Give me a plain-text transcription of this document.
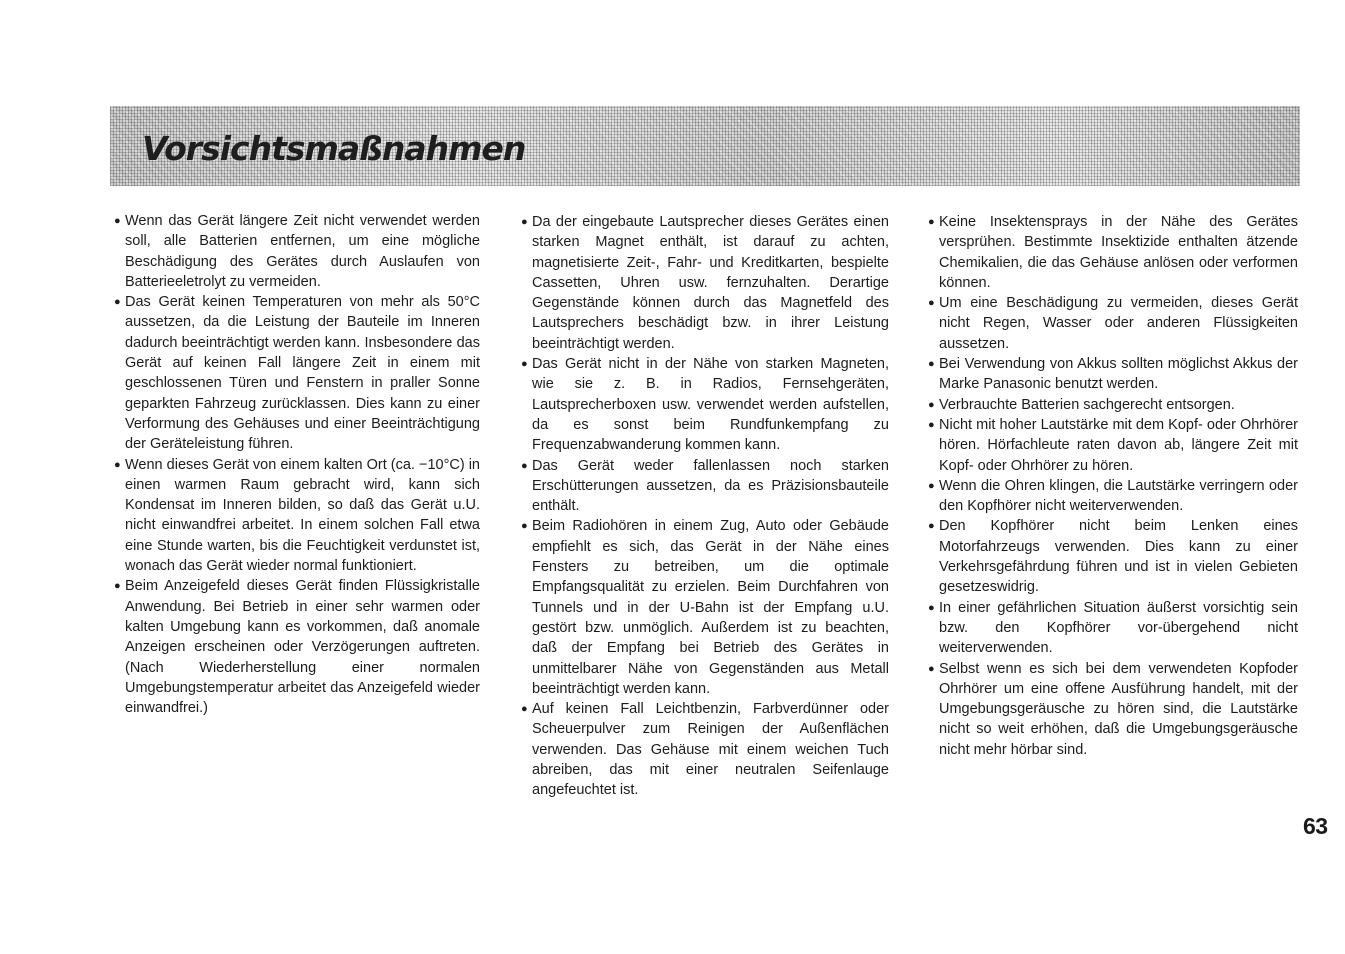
Vorsichtsmaßnahmen
● Wenn das Gerät längere Zeit nicht verwendet werden soll, alle Batterien entfernen, um eine mögliche Beschädigung des Gerätes durch Auslaufen von Batterieeletrolyt zu vermeiden.
● Das Gerät keinen Temperaturen von mehr als 50°C aussetzen, da die Leistung der Bauteile im Inneren dadurch beeinträchtigt werden kann. Insbesondere das Gerät auf keinen Fall längere Zeit in einem mit geschlossenen Türen und Fenstern in praller Sonne geparkten Fahrzeug zurücklassen. Dies kann zu einer Verformung des Gehäuses und einer Beeinträchtigung der Geräteleistung führen.
● Wenn dieses Gerät von einem kalten Ort (ca. −10°C) in einen warmen Raum gebracht wird, kann sich Kondensat im Inneren bilden, so daß das Gerät u.U. nicht einwandfrei arbeitet. In einem solchen Fall etwa eine Stunde warten, bis die Feuchtigkeit verdunstet ist, wonach das Gerät wieder normal funktioniert.
● Beim Anzeigefeld dieses Gerät finden Flüssigkristalle Anwendung. Bei Betrieb in einer sehr warmen oder kalten Umgebung kann es vorkommen, daß anomale Anzeigen erscheinen oder Verzögerungen auftreten. (Nach Wiederherstellung einer normalen Umgebungstemperatur arbeitet das Anzeigefeld wieder einwandfrei.)
● Da der eingebaute Lautsprecher dieses Gerätes einen starken Magnet enthält, ist darauf zu achten, magnetisierte Zeit-, Fahr- und Kreditkarten, bespielte Cassetten, Uhren usw. fernzuhalten. Derartige Gegenstände können durch das Magnetfeld des Lautsprechers beschädigt bzw. in ihrer Leistung beeinträchtigt werden.
● Das Gerät nicht in der Nähe von starken Magneten, wie sie z. B. in Radios, Fernsehgeräten, Lautsprecherboxen usw. verwendet werden aufstellen, da es sonst beim Rundfunkempfang zu Frequenzabwanderung kommen kann.
● Das Gerät weder fallenlassen noch starken Erschütterungen aussetzen, da es Präzisionsbauteile enthält.
● Beim Radiohören in einem Zug, Auto oder Gebäude empfiehlt es sich, das Gerät in der Nähe eines Fensters zu betreiben, um die optimale Empfangsqualität zu erzielen. Beim Durchfahren von Tunnels und in der U-Bahn ist der Empfang u.U. gestört bzw. unmöglich. Außerdem ist zu beachten, daß der Empfang bei Betrieb des Gerätes in unmittelbarer Nähe von Gegenständen aus Metall beeinträchtigt werden kann.
● Auf keinen Fall Leichtbenzin, Farbverdünner oder Scheuerpulver zum Reinigen der Außenflächen verwenden. Das Gehäuse mit einem weichen Tuch abreiben, das mit einer neutralen Seifenlauge angefeuchtet ist.
● Keine Insektensprays in der Nähe des Gerätes versprühen. Bestimmte Insektizide enthalten ätzende Chemikalien, die das Gehäuse anlösen oder verformen können.
● Um eine Beschädigung zu vermeiden, dieses Gerät nicht Regen, Wasser oder anderen Flüssigkeiten aussetzen.
● Bei Verwendung von Akkus sollten möglichst Akkus der Marke Panasonic benutzt werden.
● Verbrauchte Batterien sachgerecht entsorgen.
● Nicht mit hoher Lautstärke mit dem Kopf- oder Ohrhörer hören. Hörfachleute raten davon ab, längere Zeit mit Kopf- oder Ohrhörer zu hören.
● Wenn die Ohren klingen, die Lautstärke verringern oder den Kopfhörer nicht weiterverwenden.
● Den Kopfhörer nicht beim Lenken eines Motorfahrzeugs verwenden. Dies kann zu einer Verkehrsgefährdung führen und ist in vielen Gebieten gesetzeswidrig.
● In einer gefährlichen Situation äußerst vorsichtig sein bzw. den Kopfhörer vor-übergehend nicht weiterverwenden.
● Selbst wenn es sich bei dem verwendeten Kopfoder Ohrhörer um eine offene Ausführung handelt, mit der Umgebungsgeräusche zu hören sind, die Lautstärke nicht so weit erhöhen, daß die Umgebungsgeräusche nicht mehr hörbar sind.
63
